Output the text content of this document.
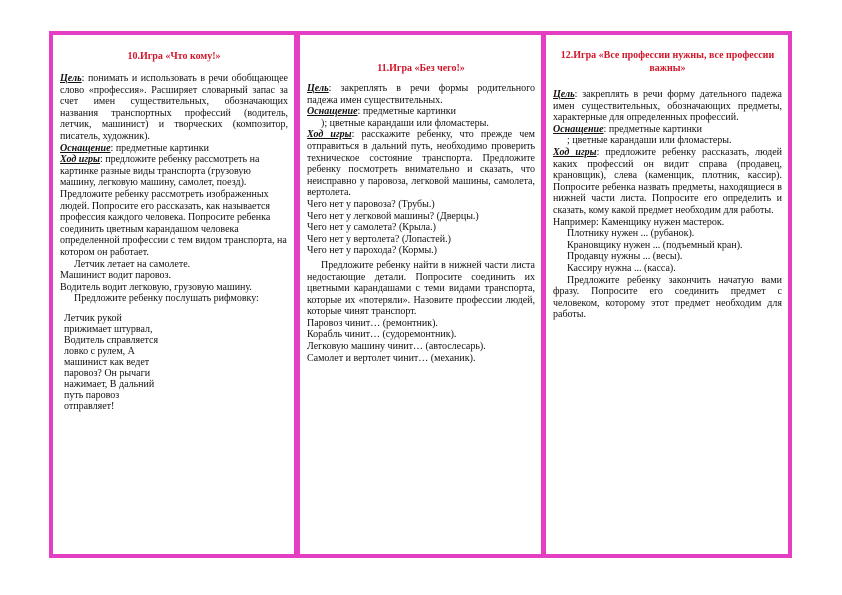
10.Игра «Что кому!»

Цель: понимать и использовать в речи обобщающее слово «профессия». Расширяет словарный запас за счет имен существительных, обозначающих названия транспортных профессий (водитель, летчик, машинист) и творческих (композитор, писатель, художник).

Оснащение: предметные картинки

Ход игры: предложите ребенку рассмотреть на картинке разные виды транспорта (грузовую машину, легковую машину, самолет, поезд). Предложите ребенку рассмотреть изображенных людей. Попросите его рассказать, как называется профессия каждого человека. Попросите ребенка соединить цветным карандашом человека определенной профессии с тем видом транспорта, на котором он работает.

Летчик летает на самолете.

Машинист водит паровоз.

Водитель водит легковую, грузовую машину.

Предложите ребенку послушать рифмовку:

Летчик рукой

прижимает штурвал,

Водитель справляется

ловко с рулем, А

машинист как ведет

паровоз? Он рычаги

нажимает, В дальний

путь паровоз

отправляет!

11.Игра «Без чего!»

Цель: закреплять в речи формы родительного падежа имен существительных.

Оснащение: предметные картинки

); цветные карандаши или фломастеры.

Ход игры: расскажите ребенку, что прежде чем отправиться в дальний путь, необходимо проверить техническое состояние транспорта. Предложите ребенку посмотреть внимательно и сказать, что неисправно у паровоза, легковой машины, самолета, вертолета.

Чего нет у паровоза? (Трубы.)

Чего нет у легковой машины? (Дверцы.)

Чего нет у самолета? (Крыла.)

Чего нет у вертолета? (Лопастей.)

Чего нет у парохода? (Кормы.)

Предложите ребенку найти в нижней части листа недостающие детали. Попросите соединить их цветными карандашами с теми видами транспорта, которые их «потеряли». Назовите профессии людей, которые чинят транспорт.

Паровоз чинит… (ремонтник).

Корабль чинит… (судоремонтник).

Легковую машину чинит… (автослесарь).

Самолет и вертолет чинит… (механик).

12.Игра «Все профессии нужны, все профессии важны»

Цель: закреплять в речи форму дательного падежа имен существительных, обозначающих предметы, характерные для определенных профессий.

Оснащение: предметные картинки

; цветные карандаши или фломастеры.

Ход игры: предложите ребенку рассказать, людей каких профессий он видит справа (продавец, крановщик), слева (каменщик, плотник, кассир). Попросите ребенка назвать предметы, находящиеся в нижней части листа. Попросите его определить и сказать, кому какой предмет необходим для работы.

Например: Каменщику нужен мастерок.

Плотнику нужен ... (рубанок).

Крановщику нужен ... (подъемный кран).

Продавцу нужны ... (весы).

Кассиру нужна ... (касса).

Предложите ребенку закончить начатую вами фразу. Попросите его соединить предмет с человеком, которому этот предмет необходим для работы.
